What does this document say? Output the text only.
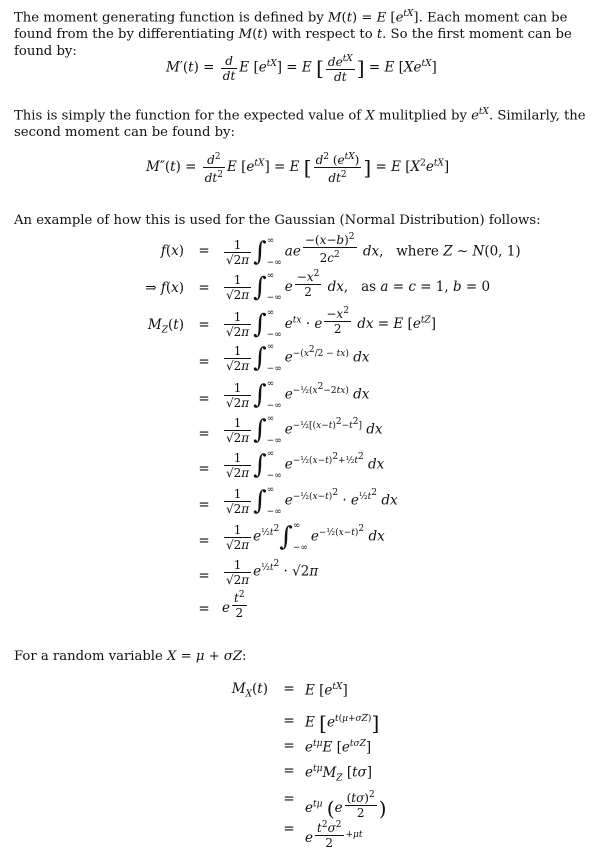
The moment generating function is defined by M(t) = E $[e^{tX}]$. Each moment can be found from the by differentiating M(t) with respect to t. So the first moment can be found by:
$M'(t) = \frac{d}{dt}$ E $[e^{tX}] = E$ [ $\frac{de^{tX}}{dt}$ ] = E $[Xe^{tX}]$
This is simply the function for the expected value of X mulitplied by $e^{tX}$. Similarly, the second moment can be found by:
$M''(t) = \frac{d^2}{dt^2}$ E $[e^{tX}] = E$ [ $\frac{d^2 (e^{tX})}{dt^2}$ ] = E $[X^2e^{tX}]$
An example of how this is used for the Gaussian (Normal Distribution) follows:
$f(x) = \frac{1}{√2\pi}$ ∫∞

−∞ae $^{\frac{-(x-b)^2}{2c^2}}$ dx,   where Z ∼ N(0, 1)
⇒ $f(x) = \frac{1}{√2\pi}$ ∫∞

−∞e $^{\frac{-x^2}{2}}$ dx,   as a = c = 1, b = 0
$M_Z(t) = \frac{1}{√2\pi}$ ∫∞

$-\infty e^{tx} \cdot e$ $^{\frac{-x^2}{2}}$ dx = E $[e^{tZ}]$
= $\frac{1}{√2\pi}$ ∫∞

$-\infty e^{-(x^2/2 - tx)}$ dx
= $\frac{1}{√2\pi}$ ∫∞

$-\infty e^{-\frac{1}{2}(x^2-2tx)}$ dx
= $\frac{1}{√2\pi}$ ∫∞

$-\infty e^{-\frac{1}{2}[(x-t)^2-t^2]}$ dx
= $\frac{1}{√2\pi}$ ∫∞

$-\infty e^{-\frac{1}{2}(x-t)^2+\frac{1}{2}t^2}$ dx
= $\frac{1}{√2\pi}$ ∫∞

$-\infty e^{-\frac{1}{2}(x-t)^2} \cdot e^{\frac{1}{2}t^2}$ dx
= $\frac{1}{√2\pi} e^{\frac{1}{2}t^2}\int\infty$

$-\infty e^{-\frac{1}{2}(x-t)^2}$ dx
= $\frac{1}{√2\pi} e^{\frac{1}{2}t^2} \cdot √2\pi$
= e $^{\frac{t^2}{2}}$
For a random variable X = μ + σZ:
$M_X(t) = E$ $[e^{tX}]$
= E $[e^{t(\mu+\sigma Z)}]$
= $e^{t\mu}E$ $[e^{t\sigma Z}]$
= $e^{t\mu}M_Z$ [tσ]
=
$e^{t\mu}$ (e $^{\frac{(t\sigma)^2}{2}}$ )
=
e $^{\frac{t^2\sigma^2}{2} +\mu t}$
